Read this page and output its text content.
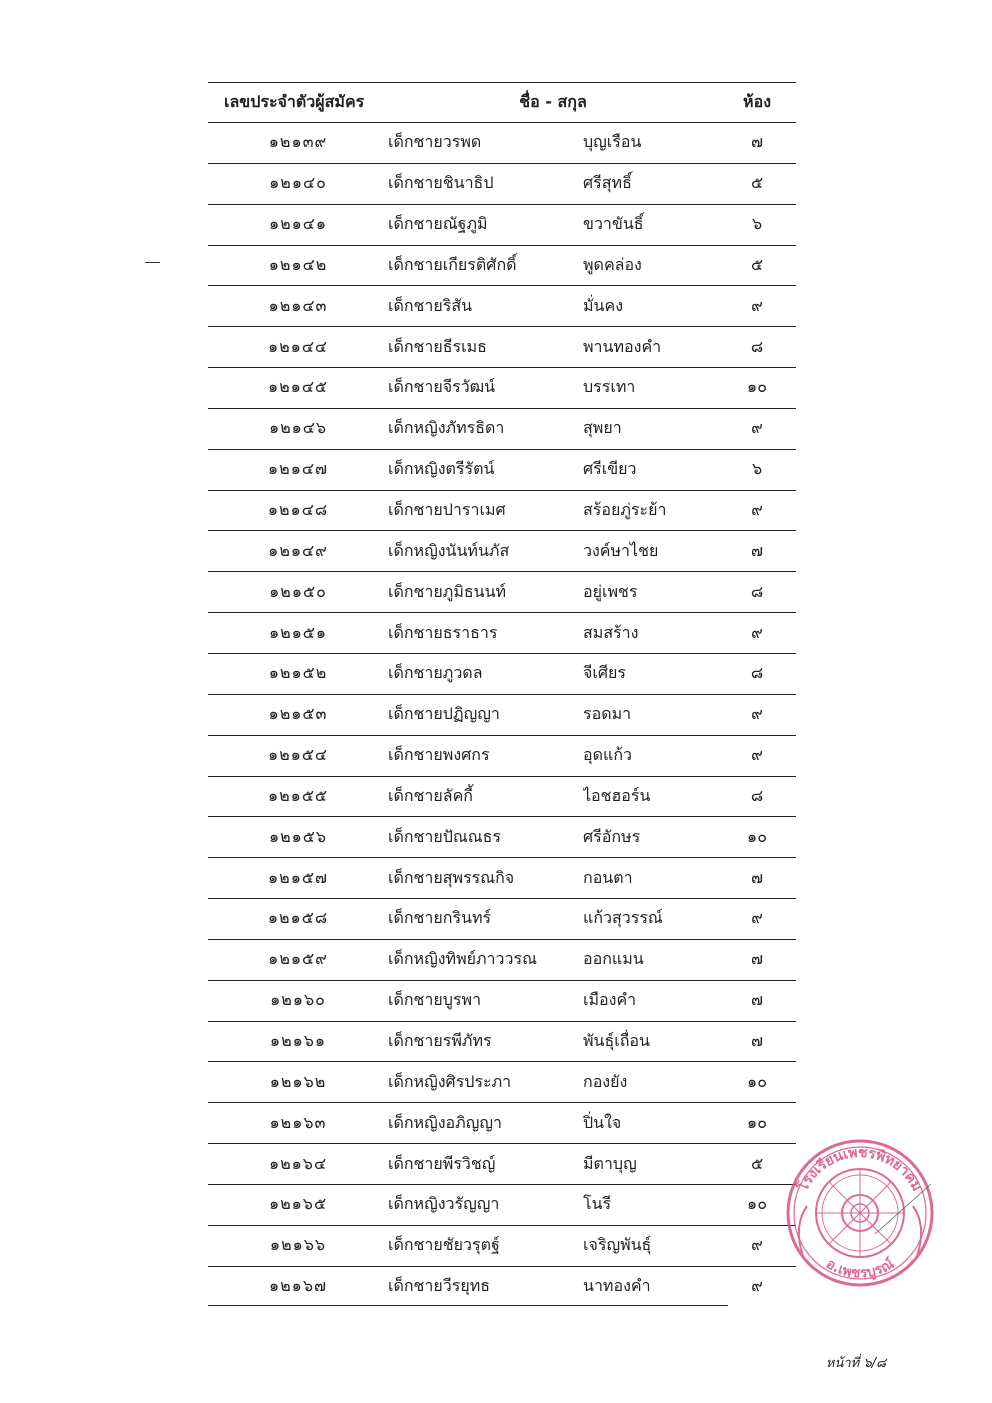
เลขประจำตัวผู้สมัคร	ชื่อ - สกุล		ห้อง
๑๒๑๓๙	เด็กชายวรพด	บุญเรือน	๗
๑๒๑๔๐	เด็กชายชินาธิป	ศรีสุทธิ์	๕
๑๒๑๔๑	เด็กชายณัฐภูมิ	ขวาขันธิ์	๖
๑๒๑๔๒	เด็กชายเกียรติศักดิ์	พูดคล่อง	๕
๑๒๑๔๓	เด็กชายริสัน	มั่นคง	๙
๑๒๑๔๔	เด็กชายธีรเมธ	พานทองคำ	๘
๑๒๑๔๕	เด็กชายจีรวัฒน์	บรรเทา	๑๐
๑๒๑๔๖	เด็กหญิงภัทรธิดา	สุพยา	๙
๑๒๑๔๗	เด็กหญิงตรีรัตน์	ศรีเขียว	๖
๑๒๑๔๘	เด็กชายปาราเมศ	สร้อยภู่ระย้า	๙
๑๒๑๔๙	เด็กหญิงนันท์นภัส	วงค์ษาไชย	๗
๑๒๑๕๐	เด็กชายภูมิธนนท์	อยู่เพชร	๘
๑๒๑๕๑	เด็กชายธราธาร	สมสร้าง	๙
๑๒๑๕๒	เด็กชายภูวดล	จีเศียร	๘
๑๒๑๕๓	เด็กชายปฏิญญา	รอดมา	๙
๑๒๑๕๔	เด็กชายพงศกร	อุดแก้ว	๙
๑๒๑๕๕	เด็กชายลัคกี้	ไอชฮอร์น	๘
๑๒๑๕๖	เด็กชายปัณณธร	ศรีอักษร	๑๐
๑๒๑๕๗	เด็กชายสุพรรณกิจ	กอนตา	๗
๑๒๑๕๘	เด็กชายกรินทร์	แก้วสุวรรณ์	๙
๑๒๑๕๙	เด็กหญิงทิพย์ภาววรณ	ออกแมน	๗
๑๒๑๖๐	เด็กชายบูรพา	เมืองคำ	๗
๑๒๑๖๑	เด็กชายรพีภัทร	พันธุ์เถื่อน	๗
๑๒๑๖๒	เด็กหญิงศิรประภา	กองยัง	๑๐
๑๒๑๖๓	เด็กหญิงอภิญญา	ปิ่นใจ	๑๐
๑๒๑๖๔	เด็กชายพีรวิชญ์	มีตาบุญ	๕
๑๒๑๖๕	เด็กหญิงวรัญญา	โนรี	๑๐
๑๒๑๖๖	เด็กชายชัยวรุตฐ์	เจริญพันธุ์	๙
๑๒๑๖๗	เด็กชายวีรยุทธ	นาทองคำ	๙
โรงเรียนเพชรพิทยาคม
อ.เพชรบูรณ์
หน้าที่ ๖/๘
